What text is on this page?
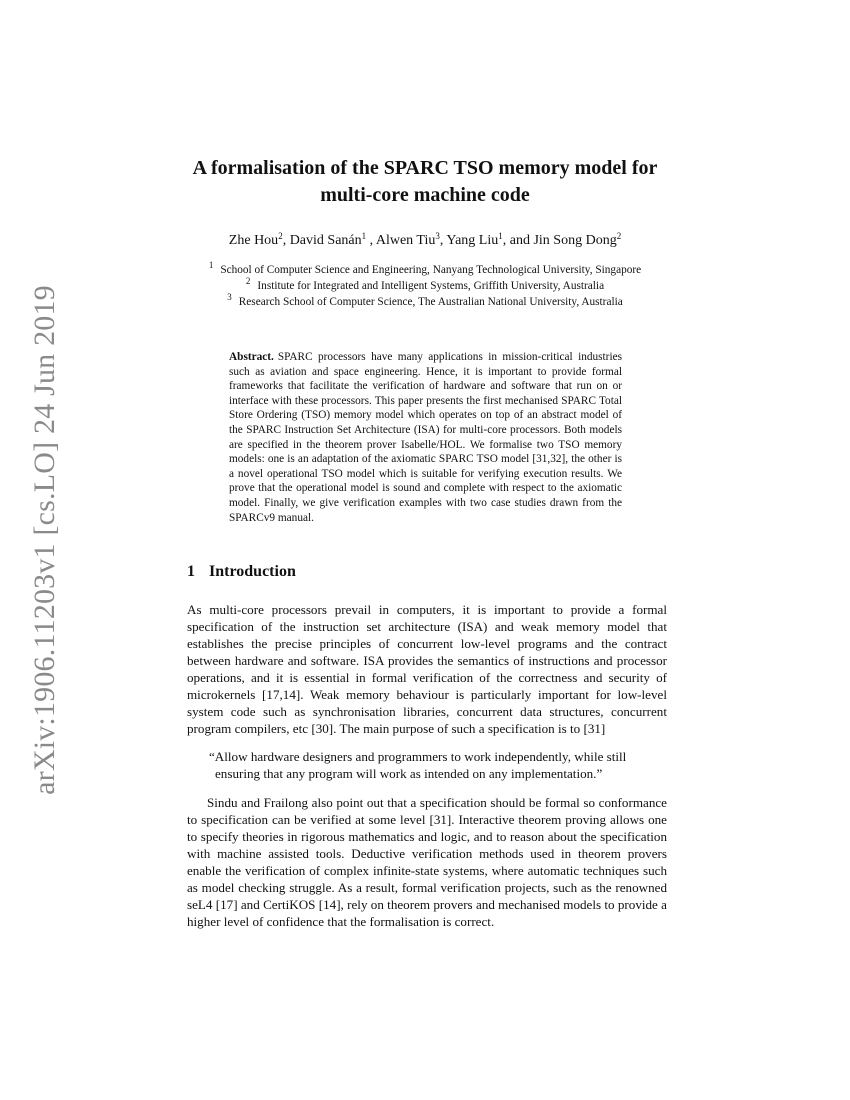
arXiv:1906.11203v1 [cs.LO] 24 Jun 2019
A formalisation of the SPARC TSO memory model for
multi-core machine code
Zhe Hou$^2$, David Sanán$^1$ , Alwen Tiu$^3$, Yang Liu$^1$, and Jin Song Dong$^2$
$^1$ School of Computer Science and Engineering, Nanyang Technological University, Singapore
$^2$ Institute for Integrated and Intelligent Systems, Griffith University, Australia
$^3$ Research School of Computer Science, The Australian National University, Australia
Abstract. SPARC processors have many applications in mission-critical industries such as aviation and space engineering. Hence, it is important to provide formal frameworks that facilitate the verification of hardware and software that run on or interface with these processors. This paper presents the first mechanised SPARC Total Store Ordering (TSO) memory model which operates on top of an abstract model of the SPARC Instruction Set Architecture (ISA) for multi-core processors. Both models are specified in the theorem prover Isabelle/HOL. We formalise two TSO memory models: one is an adaptation of the axiomatic SPARC TSO model [31,32], the other is a novel operational TSO model which is suitable for verifying execution results. We prove that the operational model is sound and complete with respect to the axiomatic model. Finally, we give verification examples with two case studies drawn from the SPARCv9 manual.
1 Introduction

As multi-core processors prevail in computers, it is important to provide a formal specification of the instruction set architecture (ISA) and weak memory model that establishes the precise principles of concurrent low-level programs and the contract between hardware and software. ISA provides the semantics of instructions and processor operations, and it is essential in formal verification of the correctness and security of microkernels [17,14]. Weak memory behaviour is particularly important for low-level system code such as synchronisation libraries, concurrent data structures, concurrent program compilers, etc [30]. The main purpose of such a specification is to [31]

“Allow hardware designers and programmers to work independently, while still
ensuring that any program will work as intended on any implementation.”

Sindu and Frailong also point out that a specification should be formal so conformance to specification can be verified at some level [31]. Interactive theorem proving allows one to specify theories in rigorous mathematics and logic, and to reason about the specification with machine assisted tools. Deductive verification methods used in theorem provers enable the verification of complex infinite-state systems, where automatic techniques such as model checking struggle. As a result, formal verification projects, such as the renowned seL4 [17] and CertiKOS [14], rely on theorem provers and mechanised models to provide a higher level of confidence that the formalisation is correct.
